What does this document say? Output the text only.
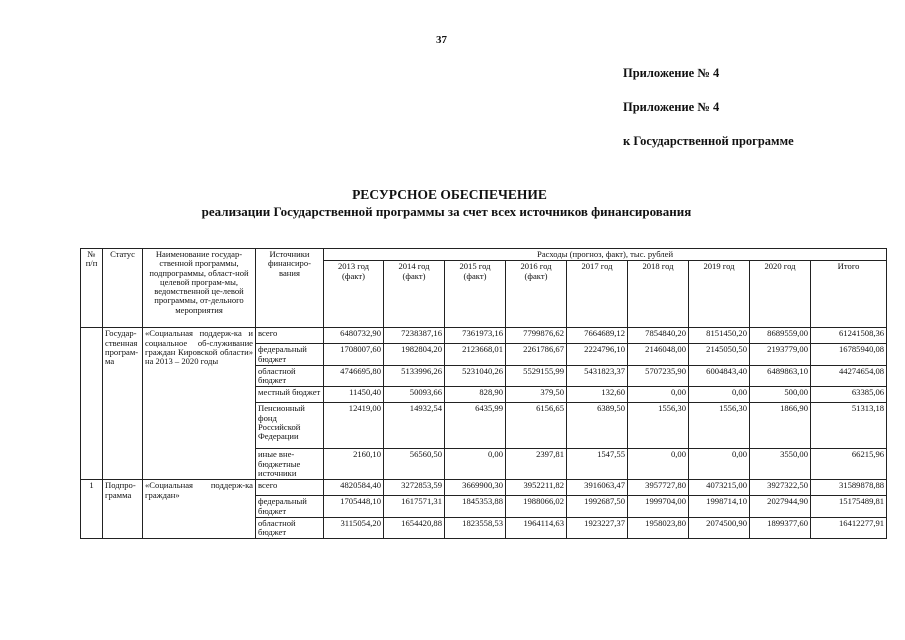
37
Приложение № 4
Приложение № 4
к Государственной программе
РЕСУРСНОЕ ОБЕСПЕЧЕНИЕ
реализации Государственной программы за счет всех источников финансирования
№ п/п	Статус	Наименование государ-ственной программы, подпрограммы, област-ной целевой програм-мы, ведомственной це-левой программы, от-дельного мероприятия	Источники финансиро-вания	Расходы (прогноз, факт), тыс. рублей								
				2013 год (факт)	2014 год (факт)	2015 год (факт)	2016 год (факт)	2017 год	2018 год	2019 год	2020 год	Итого
	Государ-ственная програм-ма	«Социальная поддерж-ка и социальное об-служивание граждан Кировской области» на 2013 – 2020 годы	всего	6480732,90	7238387,16	7361973,16	7799876,62	7664689,12	7854840,20	8151450,20	8689559,00	61241508,36
			федеральный бюджет	1708007,60	1982804,20	2123668,01	2261786,67	2224796,10	2146048,00	2145050,50	2193779,00	16785940,08
			областной бюджет	4746695,80	5133996,26	5231040,26	5529155,99	5431823,37	5707235,90	6004843,40	6489863,10	44274654,08
			местный бюджет	11450,40	50093,66	828,90	379,50	132,60	0,00	0,00	500,00	63385,06
			Пенсионный фонд Российской Федерации	12419,00	14932,54	6435,99	6156,65	6389,50	1556,30	1556,30	1866,90	51313,18
			иные вне-бюджетные источники	2160,10	56560,50	0,00	2397,81	1547,55	0,00	0,00	3550,00	66215,96
1	Подпро-грамма	«Социальная поддерж-ка граждан»	всего	4820584,40	3272853,59	3669900,30	3952211,82	3916063,47	3957727,80	4073215,00	3927322,50	31589878,88
			федеральный бюджет	1705448,10	1617571,31	1845353,88	1988066,02	1992687,50	1999704,00	1998714,10	2027944,90	15175489,81
			областной бюджет	3115054,20	1654420,88	1823558,53	1964114,63	1923227,37	1958023,80	2074500,90	1899377,60	16412277,91
